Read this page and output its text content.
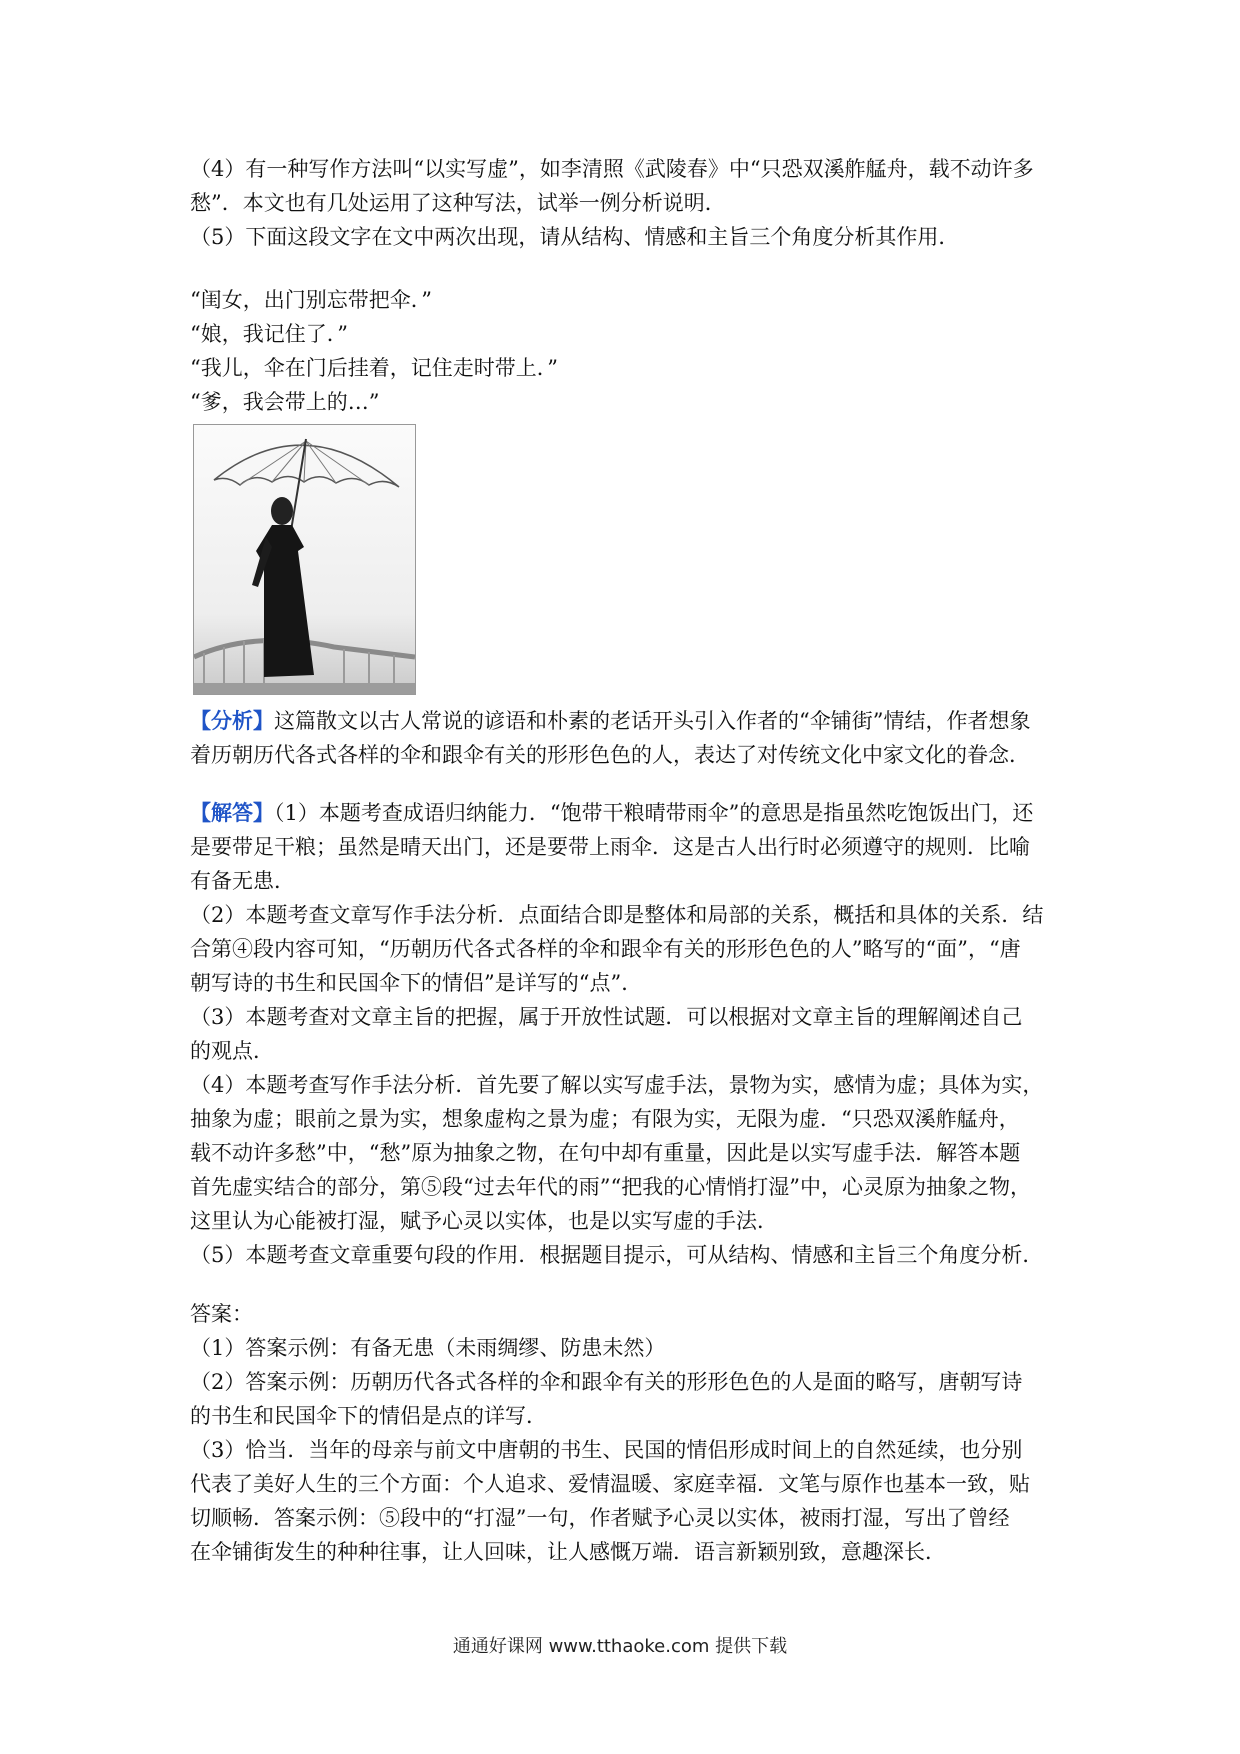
（4）有一种写作方法叫“以实写虚”，如李清照《武陵春》中“只恐双溪舴艋舟，载不动许多

愁”．本文也有几处运用了这种写法，试举一例分析说明．

（5）下面这段文字在文中两次出现，请从结构、情感和主旨三个角度分析其作用．

“闺女，出门别忘带把伞．”

“娘，我记住了．”

“我儿，伞在门后挂着，记住走时带上．”

“爹，我会带上的…”

【分析】这篇散文以古人常说的谚语和朴素的老话开头引入作者的“伞铺街”情结，作者想象

着历朝历代各式各样的伞和跟伞有关的形形色色的人，表达了对传统文化中家文化的眷念．

【解答】（1）本题考查成语归纳能力．“饱带干粮晴带雨伞”的意思是指虽然吃饱饭出门，还

是要带足干粮；虽然是晴天出门，还是要带上雨伞．这是古人出行时必须遵守的规则．比喻

有备无患．

（2）本题考查文章写作手法分析．点面结合即是整体和局部的关系，概括和具体的关系．结

合第④段内容可知，“历朝历代各式各样的伞和跟伞有关的形形色色的人”略写的“面”，“唐

朝写诗的书生和民国伞下的情侣”是详写的“点”．

（3）本题考查对文章主旨的把握，属于开放性试题．可以根据对文章主旨的理解阐述自己

的观点．

（4）本题考查写作手法分析．首先要了解以实写虚手法，景物为实，感情为虚；具体为实，

抽象为虚；眼前之景为实，想象虚构之景为虚；有限为实，无限为虚．“只恐双溪舴艋舟，

载不动许多愁”中，“愁”原为抽象之物，在句中却有重量，因此是以实写虚手法．解答本题

首先虚实结合的部分，第⑤段“过去年代的雨”“把我的心情悄打湿”中，心灵原为抽象之物，

这里认为心能被打湿，赋予心灵以实体，也是以实写虚的手法．

（5）本题考查文章重要句段的作用．根据题目提示，可从结构、情感和主旨三个角度分析．

答案：

（1）答案示例：有备无患（未雨绸缪、防患未然）

（2）答案示例：历朝历代各式各样的伞和跟伞有关的形形色色的人是面的略写，唐朝写诗

的书生和民国伞下的情侣是点的详写．

（3）恰当．当年的母亲与前文中唐朝的书生、民国的情侣形成时间上的自然延续，也分别

代表了美好人生的三个方面：个人追求、爱情温暖、家庭幸福．文笔与原作也基本一致，贴

切顺畅．答案示例：⑤段中的“打湿”一句，作者赋予心灵以实体，被雨打湿，写出了曾经

在伞铺街发生的种种往事，让人回味，让人感慨万端．语言新颖别致，意趣深长．

通通好课网 www.tthaoke.com 提供下载
